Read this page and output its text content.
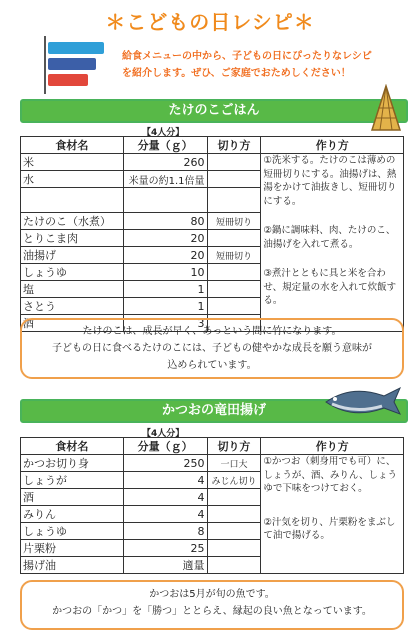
＊こどもの日レシピ＊
給食メニューの中から、子どもの日にぴったりなレシピ
を紹介します。ぜひ、ご家庭でおためしください！
たけのこごはん
【4人分】
食材名	分量（ｇ）	切り方	作り方
米	260		①洗米する。たけのこは薄めの短冊切りにする。油揚げは、熱湯をかけて油抜きし、短冊切りにする。
②鍋に調味料、肉、たけのこ、油揚げを入れて煮る。
③煮汁とともに具と米を合わせ、規定量の水を入れて炊飯する。

水	米量の約1.1倍量		

たけのこ（水煮）	80	短冊切り	
とりこま肉	20		
油揚げ	20	短冊切り	
しょうゆ	10		
塩	1		
さとう	1		
酒	3		
たけのこは、成長が早く、あっという間に竹になります。
子どもの日に食べるたけのこには、子どもの健やかな成長を願う意味が
込められています。
かつおの竜田揚げ
【4人分】
食材名	分量（ｇ）	切り方	作り方
かつお切り身	250	一口大	①かつお（刺身用でも可）に、しょうが、酒、みりん、しょうゆで下味をつけておく。
②汁気を切り、片栗粉をまぶして油で揚げる。

しょうが	4	みじん切り	
酒	4		
みりん	4		
しょうゆ	8		
片栗粉	25		
揚げ油	適量		
かつおは5月が旬の魚です。
かつおの「かつ」を「勝つ」ととらえ、縁起の良い魚となっています。
